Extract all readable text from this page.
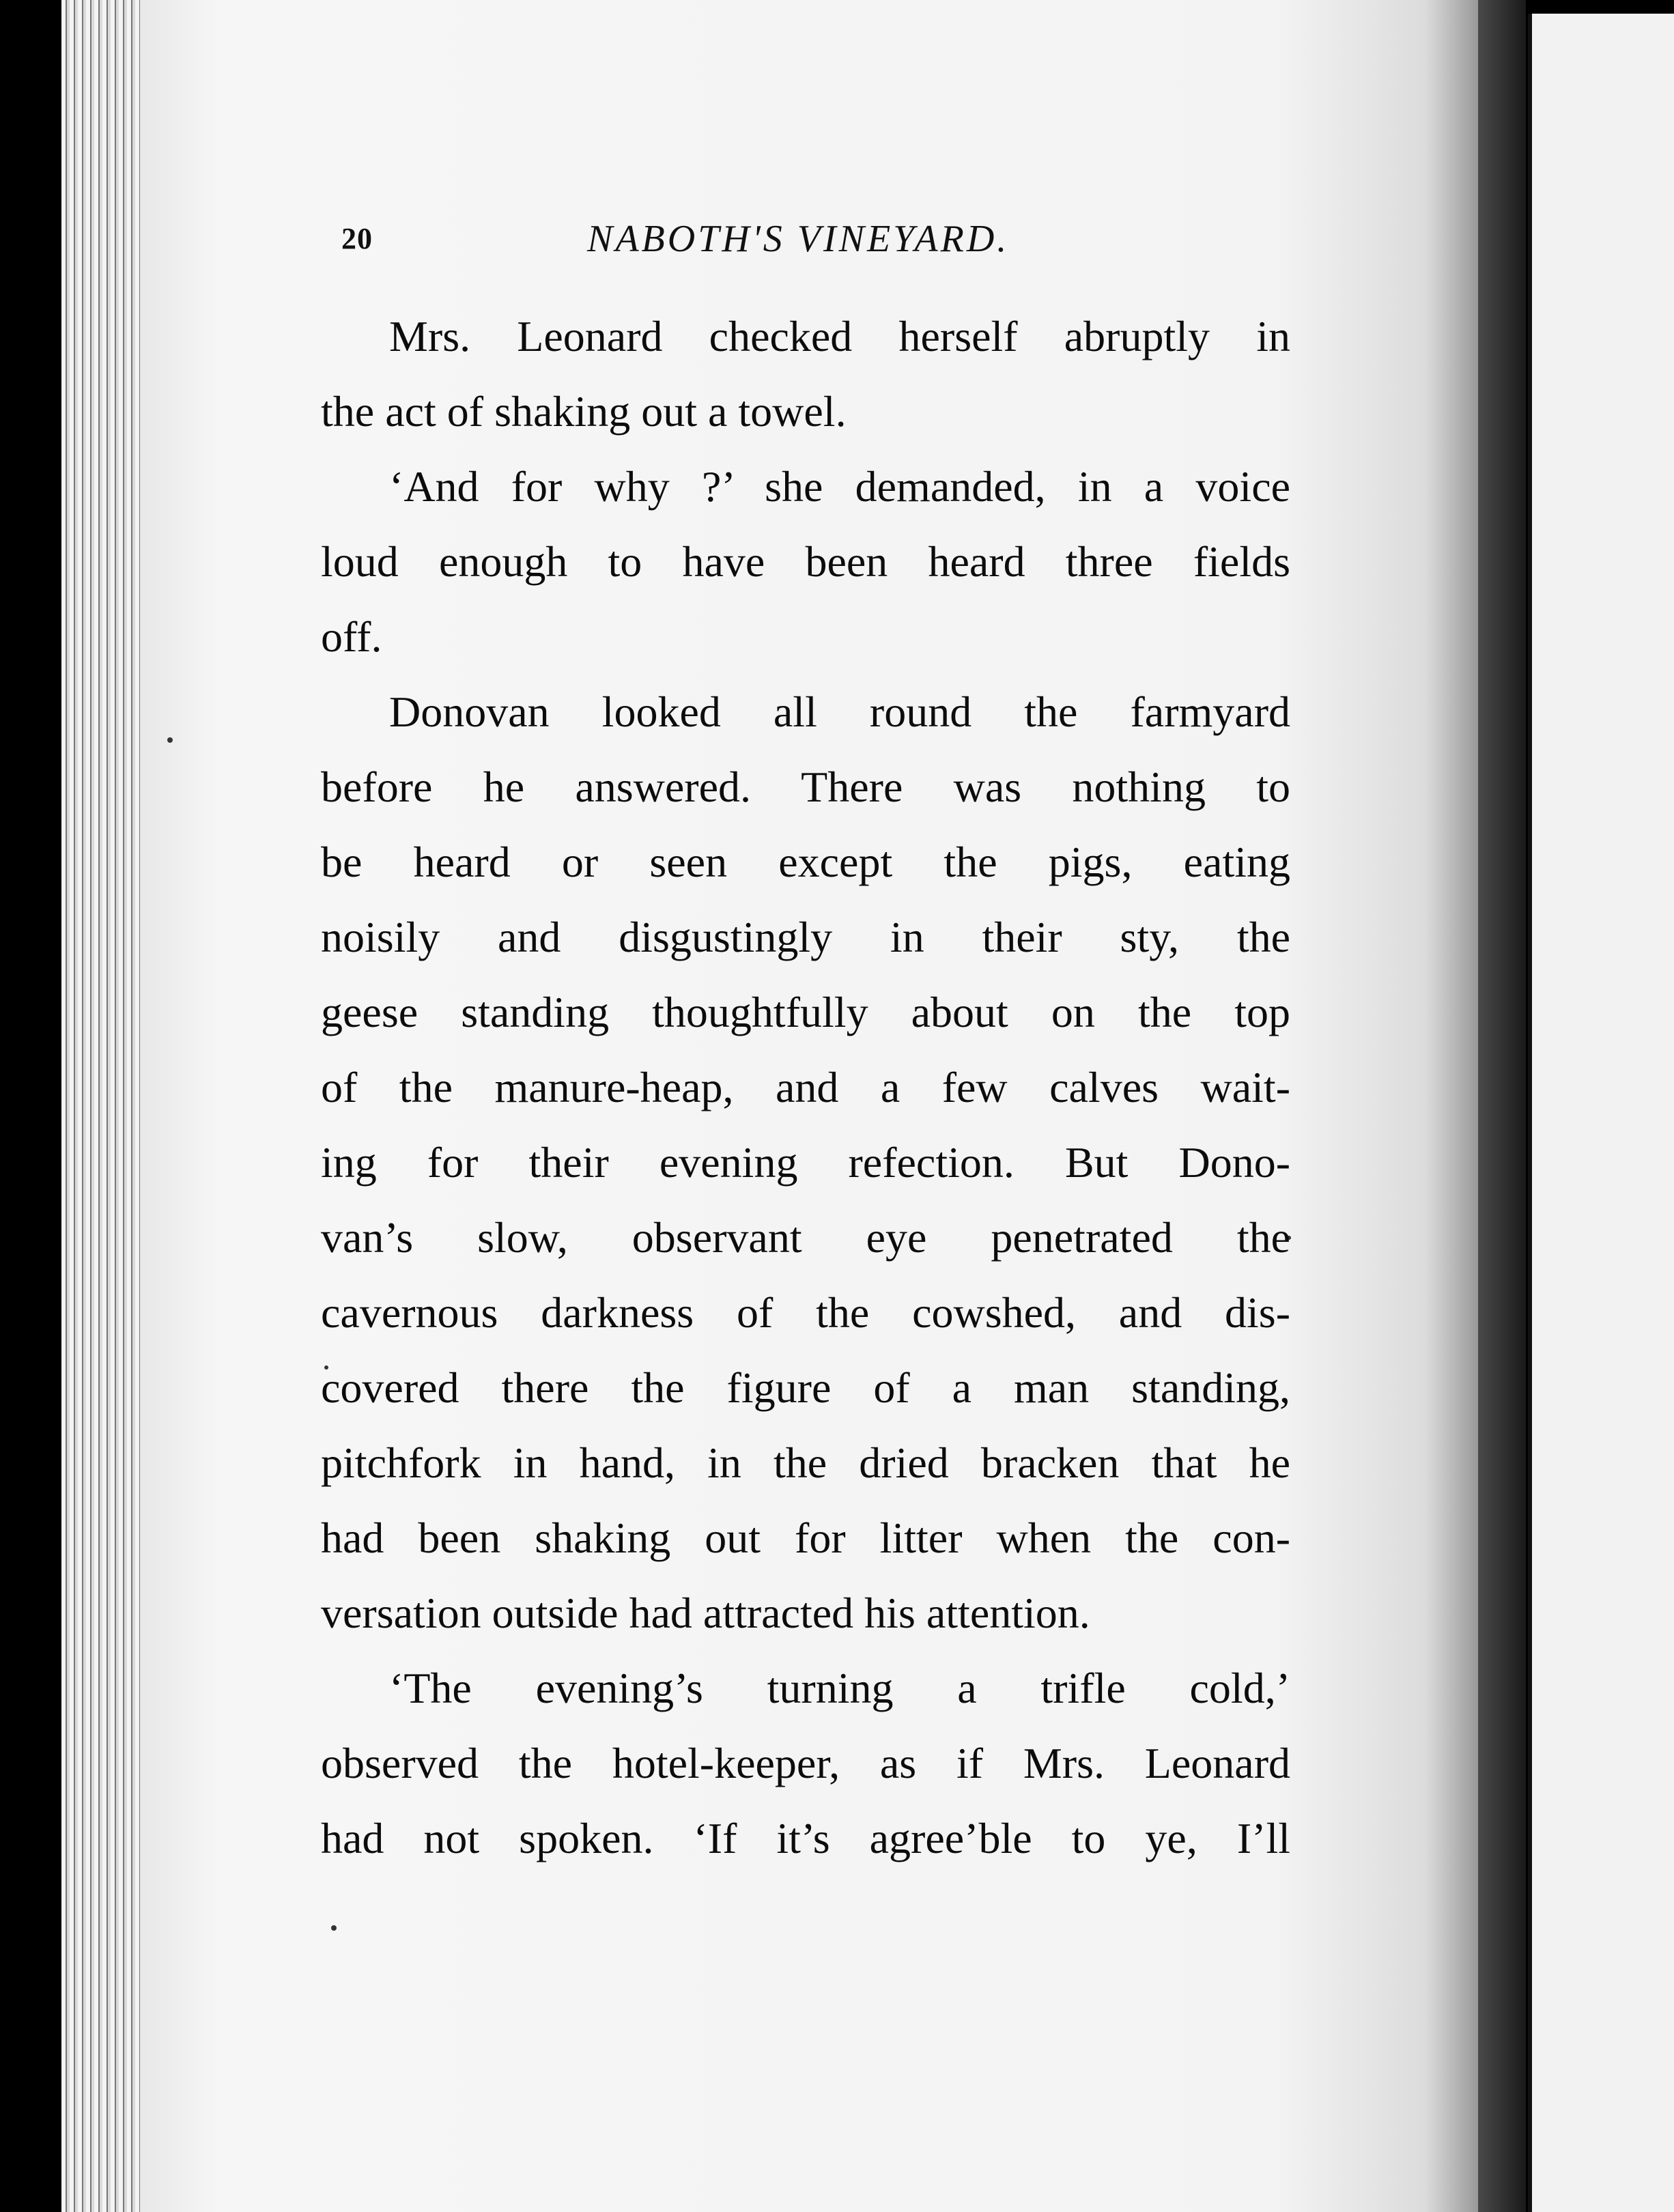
20	NABOTH'S VINEYARD.
Mrs. Leonard checked herself abruptly in
the act of shaking out a towel.
‘And for why ?’ she demanded, in a voice
loud enough to have been heard three fields
off.
Donovan looked all round the farmyard
before he answered. There was nothing to
be heard or seen except the pigs, eating
noisily and disgustingly in their sty, the
geese standing thoughtfully about on the top
of the manure-heap, and a few calves wait-
ing for their evening refection. But Dono-
van’s slow, observant eye penetrated the
cavernous darkness of the cowshed, and dis-
covered there the figure of a man standing,
pitchfork in hand, in the dried bracken that he
had been shaking out for litter when the con-
versation outside had attracted his attention.
‘The evening’s turning a trifle cold,’
observed the hotel-keeper, as if Mrs. Leonard
had not spoken. ‘If it’s agree’ble to ye, I’ll
